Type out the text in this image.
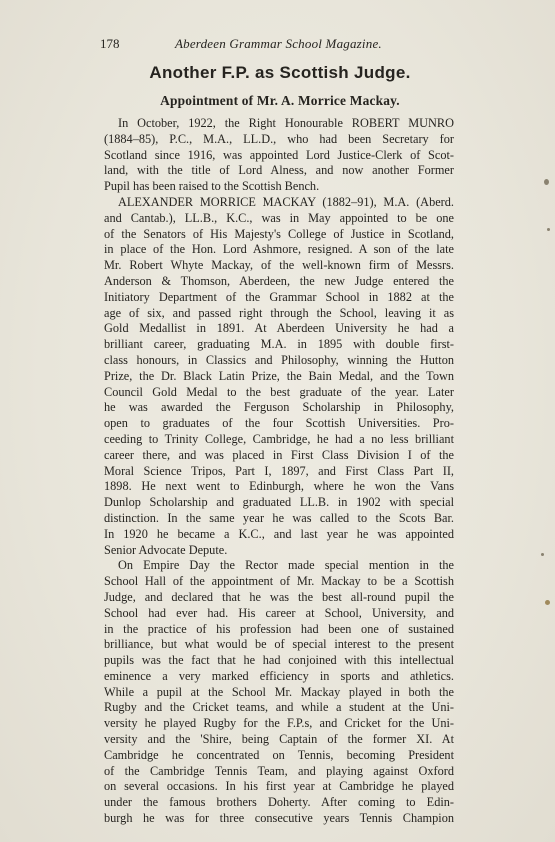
178	Aberdeen Grammar School Magazine.
Another F.P. as Scottish Judge.
Appointment of Mr. A. Morrice Mackay.
In October, 1922, the Right Honourable ROBERT MUNRO
(1884–85), P.C., M.A., LL.D., who had been Secretary for
Scotland since 1916, was appointed Lord Justice-Clerk of Scot-
land, with the title of Lord Alness, and now another Former
Pupil has been raised to the Scottish Bench.
ALEXANDER MORRICE MACKAY (1882–91), M.A. (Aberd.
and Cantab.), LL.B., K.C., was in May appointed to be one
of the Senators of His Majesty's College of Justice in Scotland,
in place of the Hon. Lord Ashmore, resigned. A son of the late
Mr. Robert Whyte Mackay, of the well-known firm of Messrs.
Anderson & Thomson, Aberdeen, the new Judge entered the
Initiatory Department of the Grammar School in 1882 at the
age of six, and passed right through the School, leaving it as
Gold Medallist in 1891. At Aberdeen University he had a
brilliant career, graduating M.A. in 1895 with double first-
class honours, in Classics and Philosophy, winning the Hutton
Prize, the Dr. Black Latin Prize, the Bain Medal, and the Town
Council Gold Medal to the best graduate of the year. Later
he was awarded the Ferguson Scholarship in Philosophy,
open to graduates of the four Scottish Universities. Pro-
ceeding to Trinity College, Cambridge, he had a no less brilliant
career there, and was placed in First Class Division I of the
Moral Science Tripos, Part I, 1897, and First Class Part II,
1898. He next went to Edinburgh, where he won the Vans
Dunlop Scholarship and graduated LL.B. in 1902 with special
distinction. In the same year he was called to the Scots Bar.
In 1920 he became a K.C., and last year he was appointed
Senior Advocate Depute.
On Empire Day the Rector made special mention in the
School Hall of the appointment of Mr. Mackay to be a Scottish
Judge, and declared that he was the best all-round pupil the
School had ever had. His career at School, University, and
in the practice of his profession had been one of sustained
brilliance, but what would be of special interest to the present
pupils was the fact that he had conjoined with this intellectual
eminence a very marked efficiency in sports and athletics.
While a pupil at the School Mr. Mackay played in both the
Rugby and the Cricket teams, and while a student at the Uni-
versity he played Rugby for the F.P.s, and Cricket for the Uni-
versity and the 'Shire, being Captain of the former XI. At
Cambridge he concentrated on Tennis, becoming President
of the Cambridge Tennis Team, and playing against Oxford
on several occasions. In his first year at Cambridge he played
under the famous brothers Doherty. After coming to Edin-
burgh he was for three consecutive years Tennis Champion
